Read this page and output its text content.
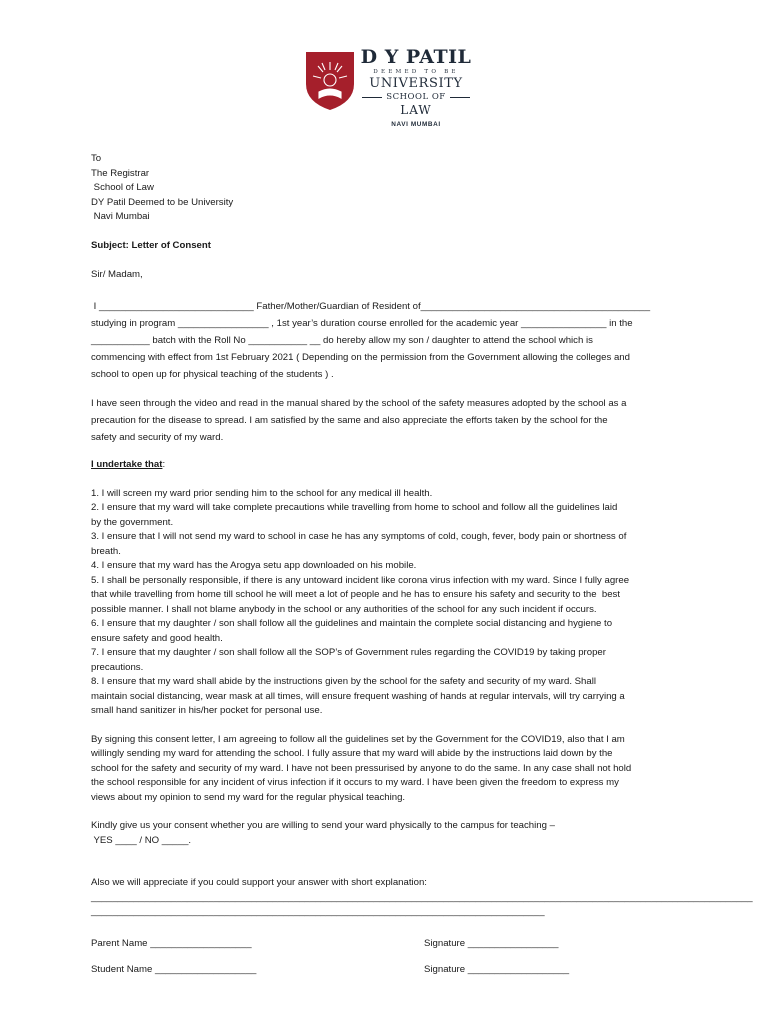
D Y PATIL
DEEMED TO BE
UNIVERSITY
SCHOOL OF
LAW
NAVI MUMBAI

To

The Registrar

School of Law

DY Patil Deemed to be University

Navi Mumbai

Subject: Letter of Consent

Sir/ Madam,

I _____________________________ Father/Mother/Guardian of Resident of___________________________________________

studying in program _________________ , 1st year’s duration course enrolled for the academic year ________________ in the

___________ batch with the Roll No ___________ __ do hereby allow my son / daughter to attend the school which is

commencing with effect from 1st February 2021 ( Depending on the permission from the Government allowing the colleges and

school to open up for physical teaching of the students ) .

I have seen through the video and read in the manual shared by the school of the safety measures adopted by the school as a

precaution for the disease to spread. I am satisfied by the same and also appreciate the efforts taken by the school for the

safety and security of my ward.

I undertake that:

1. I will screen my ward prior sending him to the school for any medical ill health.

2. I ensure that my ward will take complete precautions while travelling from home to school and follow all the guidelines laid

by the government.

3. I ensure that I will not send my ward to school in case he has any symptoms of cold, cough, fever, body pain or shortness of

breath.

4. I ensure that my ward has the Arogya setu app downloaded on his mobile.

5. I shall be personally responsible, if there is any untoward incident like corona virus infection with my ward. Since I fully agree

that while travelling from home till school he will meet a lot of people and he has to ensure his safety and security to the  best

possible manner. I shall not blame anybody in the school or any authorities of the school for any such incident if occurs.

6. I ensure that my daughter / son shall follow all the guidelines and maintain the complete social distancing and hygiene to

ensure safety and good health.

7. I ensure that my daughter / son shall follow all the SOP’s of Government rules regarding the COVID19 by taking proper

precautions.

8. I ensure that my ward shall abide by the instructions given by the school for the safety and security of my ward. Shall

maintain social distancing, wear mask at all times, will ensure frequent washing of hands at regular intervals, will try carrying a

small hand sanitizer in his/her pocket for personal use.

By signing this consent letter, I am agreeing to follow all the guidelines set by the Government for the COVID19, also that I am

willingly sending my ward for attending the school. I fully assure that my ward will abide by the instructions laid down by the

school for the safety and security of my ward. I have not been pressurised by anyone to do the same. In any case shall not hold

the school responsible for any incident of virus infection if it occurs to my ward. I have been given the freedom to express my

views about my opinion to send my ward for the regular physical teaching.

Kindly give us your consent whether you are willing to send your ward physically to the campus for teaching –

YES ____ / NO _____.

Also we will appreciate if you could support your answer with short explanation:

____________________________________________________________________________________________________________________________

_____________________________________________________________________________________

Parent Name ___________________	Signature _________________
Student Name ___________________	Signature ___________________
